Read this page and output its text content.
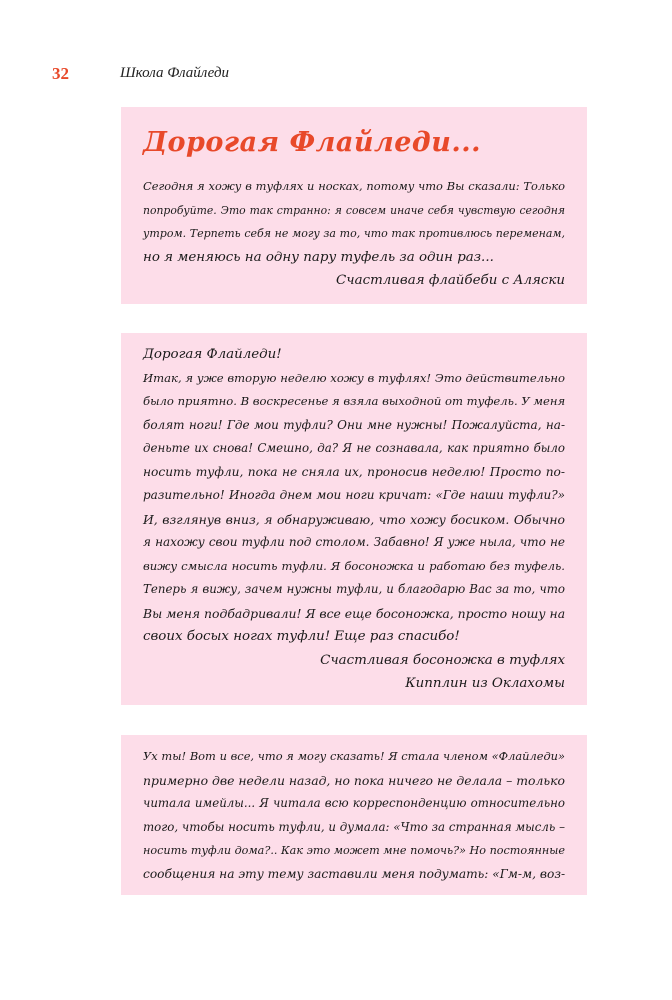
32	Школа Флайледи
Дорогая Флайледи...
Сегодня я хожу в туфлях и носках, потому что Вы сказали: Только
попробуйте. Это так странно: я совсем иначе себя чувствую сегодня
утром. Терпеть себя не могу за то, что так противлюсь переменам,
но я меняюсь на одну пару туфель за один раз...
Счастливая флайбеби с Аляски
Дорогая Флайледи!
Итак, я уже вторую неделю хожу в туфлях! Это действительно
было приятно. В воскресенье я взяла выходной от туфель. У меня
болят ноги! Где мои туфли? Они мне нужны! Пожалуйста, на-
деньте их снова! Смешно, да? Я не сознавала, как приятно было
носить туфли, пока не сняла их, проносив неделю! Просто по-
разительно! Иногда днем мои ноги кричат: «Где наши туфли?»
И, взглянув вниз, я обнаруживаю, что хожу босиком. Обычно
я нахожу свои туфли под столом. Забавно! Я уже ныла, что не
вижу смысла носить туфли. Я босоножка и работаю без туфель.
Теперь я вижу, зачем нужны туфли, и благодарю Вас за то, что
Вы меня подбадривали! Я все еще босоножка, просто ношу на
своих босых ногах туфли! Еще раз спасибо!
Счастливая босоножка в туфлях
Кипплин из Оклахомы
Ух ты! Вот и все, что я могу сказать! Я стала членом «Флайледи»
примерно две недели назад, но пока ничего не делала – только
читала имейлы... Я читала всю корреспонденцию относительно
того, чтобы носить туфли, и думала: «Что за странная мысль –
носить туфли дома?.. Как это может мне помочь?» Но постоянные
сообщения на эту тему заставили меня подумать: «Гм-м, воз-
